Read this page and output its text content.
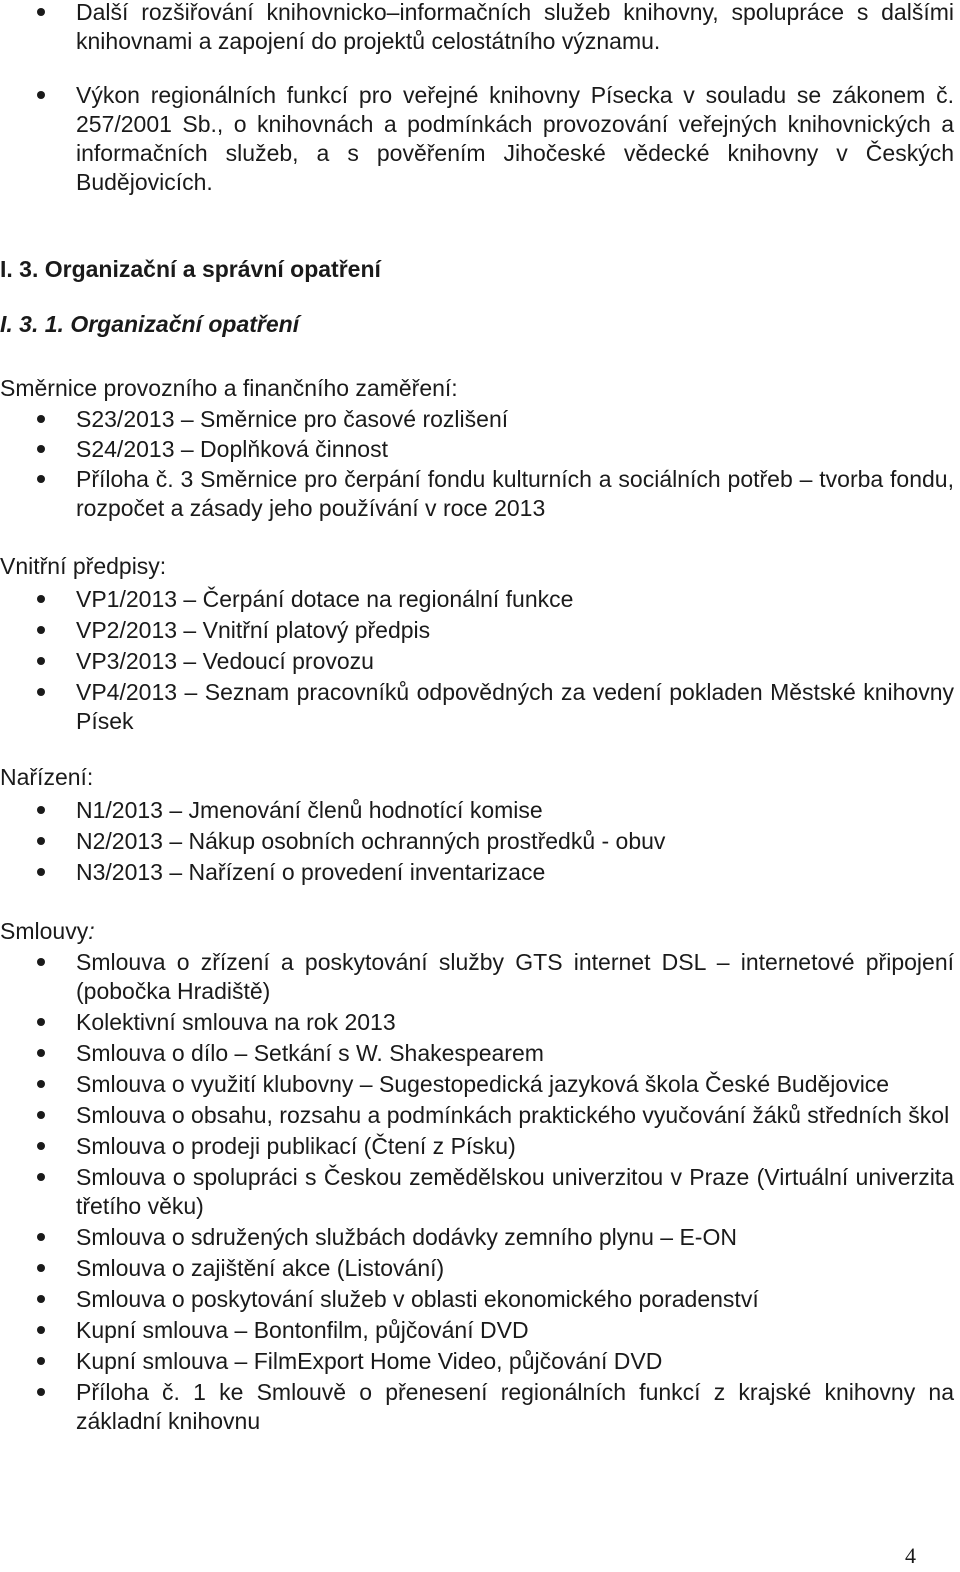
Další rozšiřování knihovnicko–informačních služeb knihovny, spolupráce s dalšími knihovnami a zapojení do projektů celostátního významu.
Výkon regionálních funkcí pro veřejné knihovny Písecka v souladu se zákonem č. 257/2001 Sb., o knihovnách a podmínkách provozování veřejných knihovnických a informačních služeb, a s pověřením Jihočeské vědecké knihovny v Českých Budějovicích.

I. 3. Organizační a správní opatření

I. 3. 1. Organizační opatření

Směrnice provozního a finančního zaměření:

S23/2013 – Směrnice pro časové rozlišení
S24/2013 – Doplňková činnost
Příloha č. 3 Směrnice pro čerpání fondu kulturních a sociálních potřeb – tvorba fondu, rozpočet a zásady jeho používání v roce 2013

Vnitřní předpisy:

VP1/2013 – Čerpání dotace na regionální funkce
VP2/2013 – Vnitřní platový předpis
VP3/2013 – Vedoucí provozu
VP4/2013 – Seznam pracovníků odpovědných za vedení pokladen Městské knihovny Písek

Nařízení:

N1/2013 – Jmenování členů hodnotící komise
N2/2013 – Nákup osobních ochranných prostředků - obuv
N3/2013 – Nařízení o provedení inventarizace

Smlouvy:

Smlouva o zřízení a poskytování služby GTS internet DSL – internetové připojení (pobočka Hradiště)
Kolektivní smlouva na rok 2013
Smlouva o dílo – Setkání s W. Shakespearem
Smlouva o využití klubovny – Sugestopedická jazyková škola České Budějovice
Smlouva o obsahu, rozsahu a podmínkách praktického vyučování žáků středních škol
Smlouva o prodeji publikací (Čtení z Písku)
Smlouva o spolupráci s Českou zemědělskou univerzitou v Praze (Virtuální univerzita třetího věku)
Smlouva o sdružených službách dodávky zemního plynu – E-ON
Smlouva o zajištění akce (Listování)
Smlouva o poskytování služeb v oblasti ekonomického poradenství
Kupní smlouva – Bontonfilm, půjčování DVD
Kupní smlouva – FilmExport Home Video, půjčování DVD
Příloha č. 1 ke Smlouvě o přenesení regionálních funkcí z krajské knihovny na základní knihovnu
4
